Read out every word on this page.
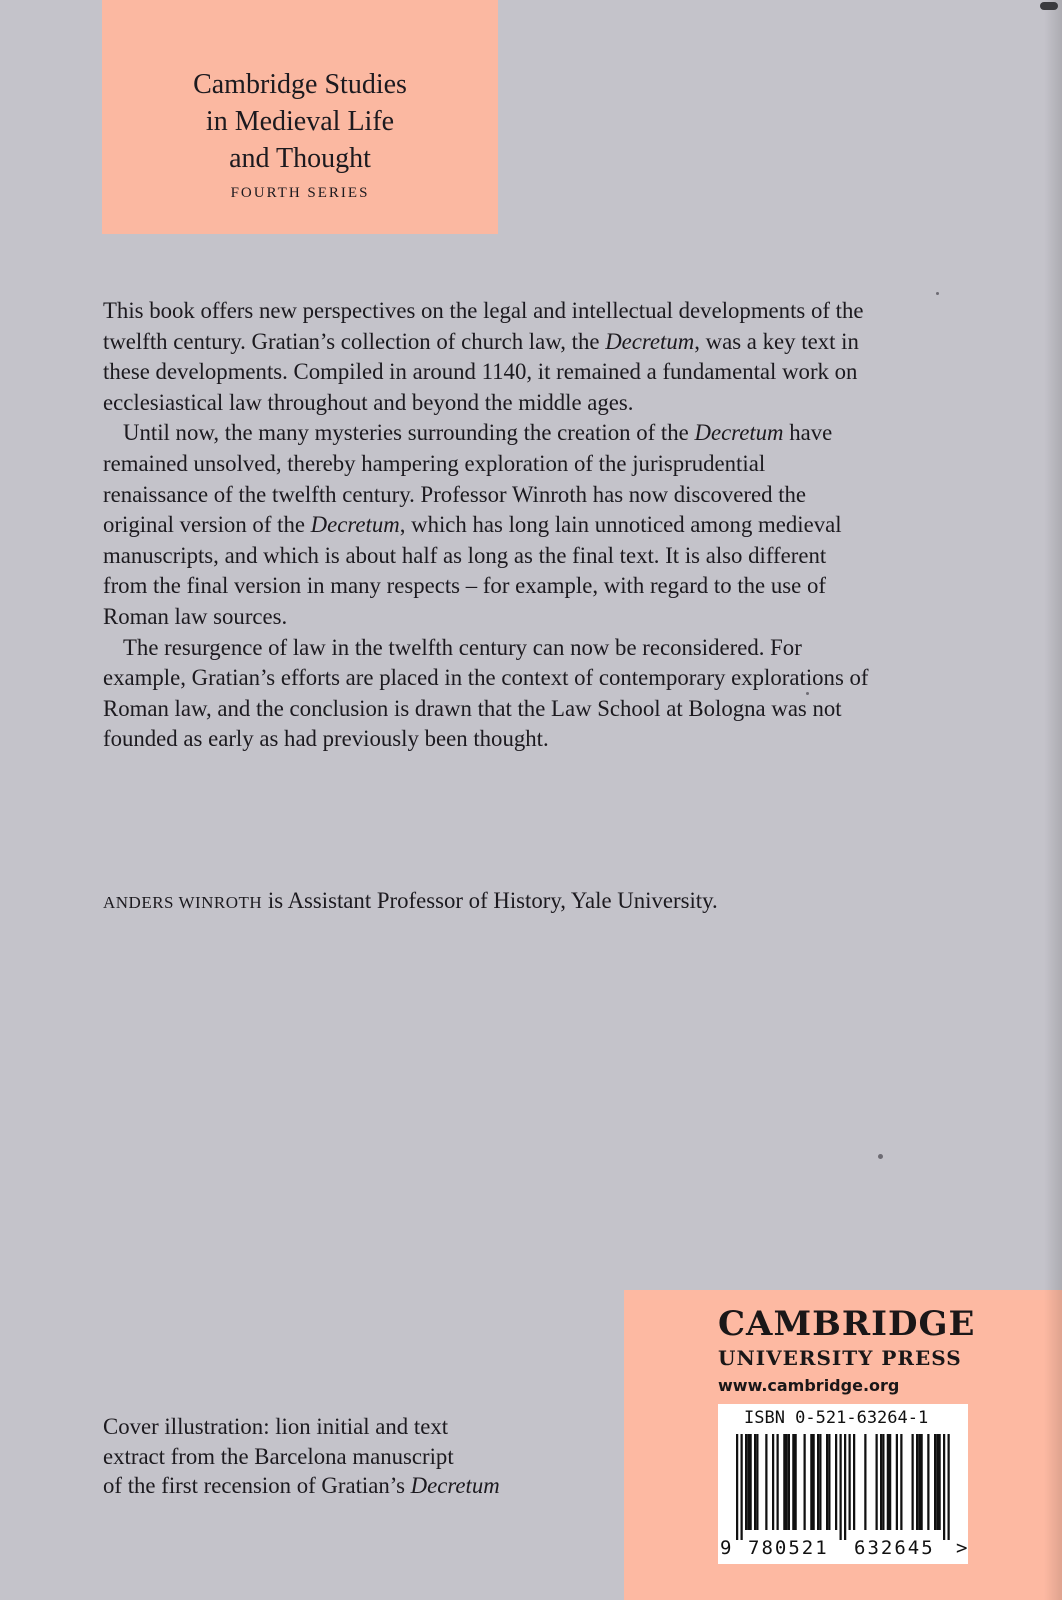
Cambridge Studies
in Medieval Life
and Thought
FOURTH SERIES

This book offers new perspectives on the legal and intellectual developments of the twelfth century. Gratian’s collection of church law, the Decretum, was a key text in these developments. Compiled in around 1140, it remained a fundamental work on ecclesiastical law throughout and beyond the middle ages.

Until now, the many mysteries surrounding the creation of the Decretum have remained unsolved, thereby hampering exploration of the jurisprudential renaissance of the twelfth century. Professor Winroth has now discovered the original version of the Decretum, which has long lain unnoticed among medieval manuscripts, and which is about half as long as the final text. It is also different from the final version in many respects – for example, with regard to the use of Roman law sources.

The resurgence of law in the twelfth century can now be reconsidered. For example, Gratian’s efforts are placed in the context of contemporary explorations of Roman law, and the conclusion is drawn that the Law School at Bologna was not founded as early as had previously been thought.

ANDERS WINROTH is Assistant Professor of History, Yale University.
Cover illustration: lion initial and text
extract from the Barcelona manuscript
of the first recension of Gratian’s Decretum
CAMBRIDGE
UNIVERSITY PRESS
www.cambridge.org
ISBN 0-521-63264-1
9 780521 632645 >
